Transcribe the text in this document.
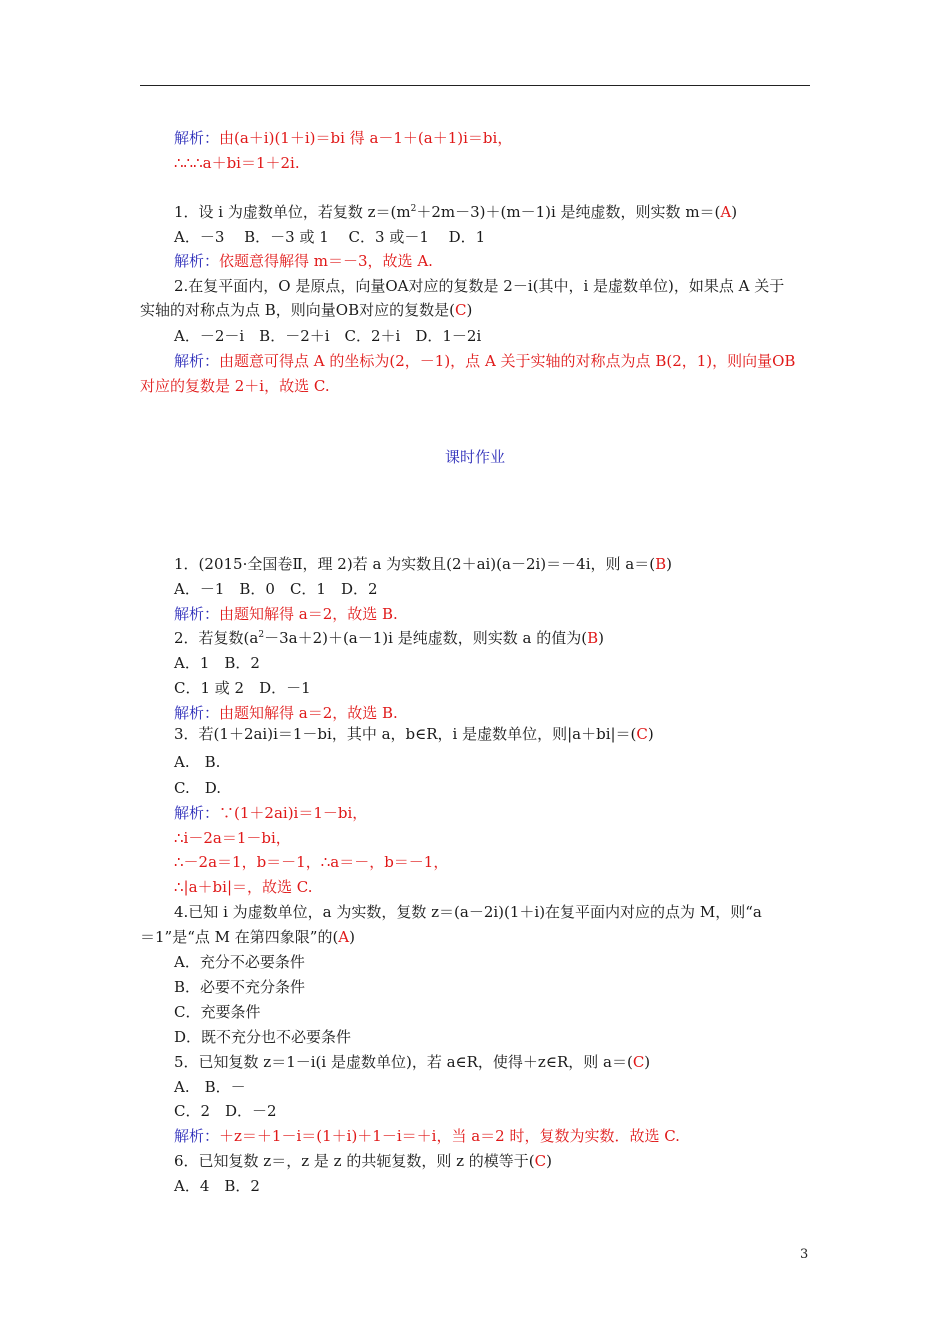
解析：由(a＋i)(1＋i)＝bi 得 a－1＋(a＋1)i＝bi，
∴∴∴a＋bi＝1＋2i.
1．设 i 为虚数单位，若复数 $z=(m^2+2m-3)+(m-1)i$ 是纯虚数，则实数 m＝(A)
A．－3　 B．－3 或 1　 C．3 或－1　 D．1
解析：依题意得解得 m＝－3，故选 A.
2.在复平面内，O 是原点，向量OA对应的复数是 2－i(其中，i 是虚数单位)，如果点 A 关于
实轴的对称点为点 B，则向量OB对应的复数是(C)
A．－2－i　B．－2＋i　C．2＋i　D．1－2i
解析：由题意可得点 A 的坐标为(2，－1)，点 A 关于实轴的对称点为点 B(2，1)，则向量OB
对应的复数是 2＋i，故选 C.
课时作业
1．(2015·全国卷Ⅱ，理 2)若 a 为实数且(2＋ai)(a－2i)＝－4i，则 a＝(B)
A．－1　B．0　C．1　D．2
解析：由题知解得 a＝2，故选 B.
2．若复数$(a^2-3a+2)+(a-1)i$ 是纯虚数，则实数 a 的值为(B)
A．1　B．2
C．1 或 2　D．－1
解析：由题知解得 a＝2，故选 B.
3．若(1＋2ai)i＝1－bi，其中 a，b∈R，i 是虚数单位，则|a＋bi|＝(C)
A.　B.
C.　D.
解析：∵(1＋2ai)i＝1－bi，
∴i－2a＝1－bi，
∴－2a＝1，b＝－1，∴a＝－，b＝－1，
∴|a＋bi|＝，故选 C.
4.已知 i 为虚数单位，a 为实数，复数 z＝(a－2i)(1＋i)在复平面内对应的点为 M，则“a
＝1”是“点 M 在第四象限”的(A)
A．充分不必要条件
B．必要不充分条件
C．充要条件
D．既不充分也不必要条件
5．已知复数 z＝1－i(i 是虚数单位)，若 a∈R，使得＋z∈R，则 a＝(C)
A.　B．－
C．2　D．－2
解析：＋z＝＋1－i＝(1＋i)＋1－i＝＋i，当 a＝2 时，复数为实数．故选 C.
6．已知复数 z＝，z 是 z 的共轭复数，则 z 的模等于(C)
A．4　B．2
3
